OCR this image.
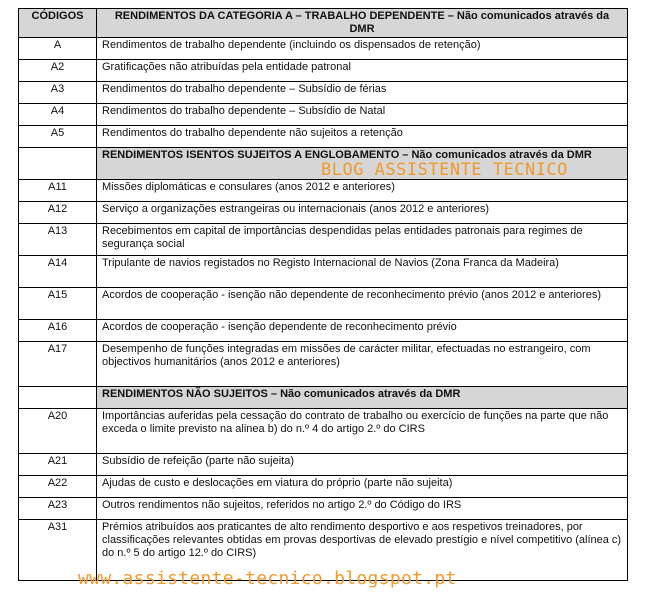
CÓDIGOS	RENDIMENTOS DA CATEGORIA A – TRABALHO DEPENDENTE – Não comunicados através da DMR
A	Rendimentos de trabalho dependente (incluindo os dispensados de retenção)
A2	Gratificações não atribuídas pela entidade patronal
A3	Rendimentos do trabalho dependente – Subsídio de férias
A4	Rendimentos do trabalho dependente – Subsídio de Natal
A5	Rendimentos do trabalho dependente não sujeitos a retenção
	RENDIMENTOS ISENTOS SUJEITOS A ENGLOBAMENTO – Não comunicados através da DMR
A11	Missões diplomáticas e consulares (anos 2012 e anteriores)
A12	Serviço a organizações estrangeiras ou internacionais (anos 2012 e anteriores)
A13	Recebimentos em capital de importâncias despendidas pelas entidades patronais para regimes de segurança social
A14	Tripulante de navios registados no Registo Internacional de Navios (Zona Franca da Madeira)
A15	Acordos de cooperação - isenção não dependente de reconhecimento prévio (anos 2012 e anteriores)
A16	Acordos de cooperação - isenção dependente de reconhecimento prévio
A17	Desempenho de funções integradas em missões de carácter militar, efectuadas no estrangeiro, com objectivos humanitários (anos 2012 e anteriores)
	RENDIMENTOS NÃO SUJEITOS – Não comunicados através da DMR
A20	Importâncias auferidas pela cessação do contrato de trabalho ou exercício de funções na parte que não exceda o limite previsto na alinea b) do n.º 4 do artigo 2.º do CIRS
A21	Subsídio de refeição (parte não sujeita)
A22	Ajudas de custo e deslocações em viatura do próprio (parte não sujeita)
A23	Outros rendimentos não sujeitos, referidos no artigo 2.º do Código do IRS
A31	Prémios atribuídos aos praticantes de alto rendimento desportivo e aos respetivos treinadores, por classificações relevantes obtidas em provas desportivas de elevado prestígio e nível competitivo (alínea c) do n.º 5 do artigo 12.º do CIRS)
BLOG ASSISTENTE TECNICO
www.assistente-tecnico.blogspot.pt
